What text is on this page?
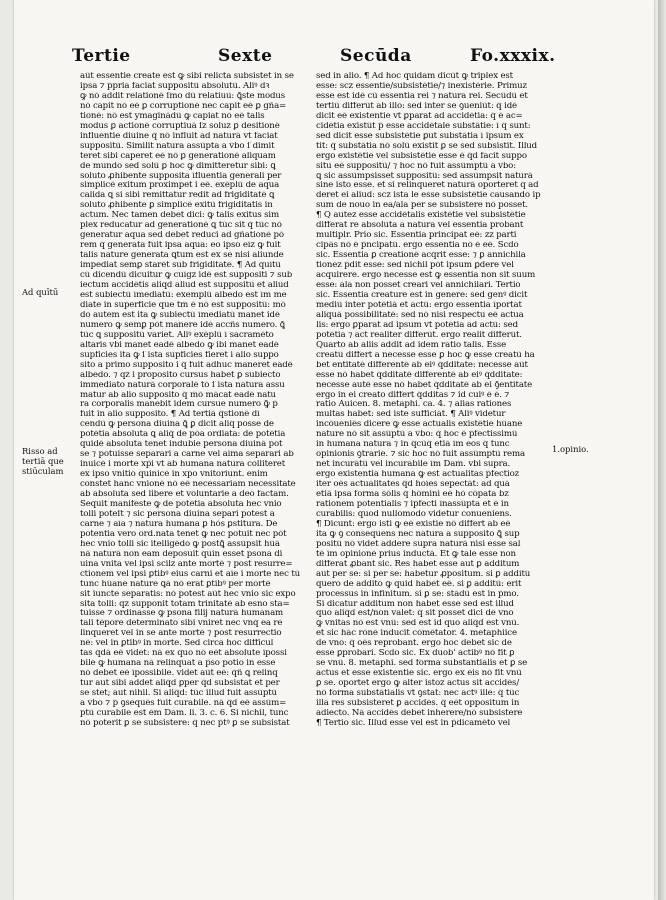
Tertie	Sexte	Secūda	Fo.xxxix.
Ad quītū
Risso ad
tertiā que
stiūculam
1.opinio.
aūt essentie create est ꝙ sibi relicta subsistet in se
ipsa ⁊ p̄pria faciat suppositū absolutū. Aliꝰ dꝛ
ꝙ nō addit relationē ſ́mo dū relatiuū: ꝗ̄ste modus
nō capit nō eē ꝑ corruptionē nec capit eē ꝑ gña=
tionē: nō est ymaginādū ꝙ capiat nō eē talis
modus ꝑ actionē corruptiuā ſ́z soluz ꝑ desitionē
influentie diuine q̄ nō influit ad naturā vt faciat
suppositū. Similit natura assūpta a v̄bo ſ́ dimit
teret sibi caperet eē nō ꝑ generationē aliquam
de mundo sed solū ꝑ hoc ꝙ dimitteretur sibi: ꝗ̄
soluto ꝓhibente supposita īfluentia generali per
simplicē exitum proximpet i eē. exēplū de aqua
calida ꝗ̄ si sibi remittatur redit ad frigiditatē ꝗ̄
soluto ꝓhibente ꝑ simplicē exitū frigiditatis in
actum. Nec tamen debet dici: ꝙ talis exitus sim
plex reducatur ad generationē ꝗ̄ tūc sit q̄ tūc nō
generatur aqua sed debet reduci ad gñationē pō
rem q̄ generata fuit ipsa aqua: eo ipso eīz ꝙ fuit
talis nature generata ꝗ̄tum est ex se nisi aliunde
impediat semꝑ starēt sub frigiditate. ¶ Ad quītū
cū dicendū dicuitur ꝙ cuīgz idē est suppositi ⁊ sub
iectum accidētis aliqd aliud est suppositū et aliud
est subiectū īmediatū: exemplū albedo est īm me
diate in superficie que tm̄ ē nō est suppositū: mō
do autem est ita ꝙ subiectū īmediatū manet idē
numero ꝙ semꝑ pōt manere idē accñs numero. ꝗ̄
tūc ꝗ̄ suppositū variet. Aliꝰ exēplū ī sacramēto
altaris vbi manet eadē albedo ꝙ ibi manet eadē
supficies ita ꝙ ſ́ ista supficies fieret i alio suppo
sito a primo supposito i q̄ fuit adhuc maneret eadē
albedo. ⁊ qz i proposito cursus habet ꝑ subiecto
immediato naturā corporalē tō ſ́ ista natura assu
matur ab alio supposito q̄ m̄ō mācat eadē natu
ra corporalis manebit idem cursue numero ꝙ̄ p̄
fuit in alio supposito. ¶ Ad tertiā q̄stionē dī
cendū ꝙ persona diuina ꝗ̄ ꝑ dicit aliq̄ posse de
potētia absoluta ꝗ̄ aliq̄ de pōa ordiata: de potētia
quidē absoluta tenet indubie persona diuinā pot
se ⁊ potuisse separari a carne vel aīma separari ab
inuicē i morte xp̄i vt ab humana natura colliteret
ex ipso vnitio quinicē in xp̄o vnitoriunt. enim
constet hanc vnionē nō eē necessariam necessitate
ab absoluta sed libere et voluntarie a deo factam.
Sequit manifeste ꝙ de potētia absoluta hec vnio
tolli poteſt ⁊ sic persona diuina separi potest a
carne ⁊ aīa ⁊ natura humana ꝑ hōs ꝑstitura. De
potentia vero ord̄.nata tenet ꝙ nec potuit nec pōt
hec vnio tolli sic itelligēdo ꝙ postꝗ̄ assūpsit hūā
nā naturā non eam deposuit quin esset psona di
uina vnita vel ipsi scilz ante mortē ⁊ post resurre=
ctionem vel ipsi ꝑtibꝰ eius carni et aīe i morte nec tū
tunc hūane nature ꝗ̄ā nō erat ꝑtibꝰ per mortē
sit iuncte separatis: nō potest aūt hec vnio sic expo
sita tolli: qz supponit totam trinitatē ab esno sta=
tuisse ⁊ ordinasse ꝙ psona filij naturā humanam
tali tēpore determinato sibi vniret nec vnq̄ ea re
linqueret vel in se ante mortē ⁊ post resurrectio
nē: vel in ꝑtibꝰ in morte. Sed circa hoc difficul
tas q̄dā eē videt: nā ex quo nō eēt absolute īpossi
bile ꝙ humana nā relinquat a p̄so potio in esse
nō debet eē īpossibile. videt aūt eē: q̄ñ ꝗ̄ relinq
tur aut sibi addet aliq̄d ꝑper q̄d subsistat et per
se stet; aut nihil. Si aliq̄d: tūc illud fuit assūptū
a v̄bo ⁊ p̄ ꝯsequēs fuit curabile. nā q̄d eē assūm=
ptū curabile est ēm Dam̄. li. 3. c. 6. Si nichil, tunc
nō poterit ꝑ se subsistere: q̄ nec p̄tꝰ ꝑ se subsistat
sed in alio. ¶ Ad hoc quidam dicūt ꝙ triplex est
esse: scz essentie/subsistētie/⁊ inexistērie. P̄rimuz
esse est idē cū essentia rei ⁊ natura rei. Secūdū et
tertiū differūt ab illo: sed inter se ꝯueniūt: q̄ idē
dicit eē existentie vt ꝑparat ad accidētia: q̄ ē ac=
cidētia existūt p̄ esse accidētale substātie: ī q̄ sunt:
sed dicit esse subsistētie ꝑut substātia ī ipsum ex
tit: q̄ substātia nō solū existit ꝑ se sed subsistit. Illud
ergo existētie vel subsistētie esse ē q̄d facit suppo
situ eē suppositū/ ⁊ hoc nō fuit assūmptū a v̄bo:
ꝗ̄ sic assūmpsisset suppositū: sed assūmpsit naturā
sine isto esse. et si relinqueret naturā oporteret q̄ ad
deret ei aliud: scz ista le esse subsistētie causando ip
sum de nouo in ea/ala per se subsistere nō posset.
¶ Q̄ autez esse accidētalis existētie vel subsistētie
differat re absoluta a natura vel essentia probant
multiplr. P̄rio sic. Essentia principat eē: zz parti
cipās nō ē p̄ncipatū. ergo essentia nō ē eē. Scd̄o
sic. Essentia ꝑ creationē acq̄rit esse: ⁊ ꝑ annichila
tionez p̄dit esse: sed nichil pōt ipsum ꝑdere vel
acquirere. ergo necesse est ꝙ essentia non sit suum
esse: ala non posset creari vel annichilari. Tertio
sic. Essentia creature est in genere: sed genꝰ dicit
mediū inter potētiā et actū: ergo essentia īportat
aliquā possibilitatē: sed nō nisi respectu eē actua
lis: ergo ꝑparat ad ipsum vt potētia ad actū: sed
potētia ⁊ act̄ realiter differūt. ergo realit differūt.
Q̄uarto ab aliis addit ad idem ratio talis. Esse
creatū differt a necesse esse ꝑ hoc ꝙ esse creatū ha
bet entitatē differentē ab eiꝰ q̄dditate: necesse aūt
esse nō habet q̄dditatē differentē ab eiꝰ q̄dditate:
necesse autē esse nō habet q̄dditatē ab ei ꝯ̄entitate
ergo in ei creato differt q̄dditas ⁊ id cuiꝰ ē ē. ⁊
ratio Auicen. 8. metaphi. ca. 4. ⁊ alias rationes
multas habet: sed iste sufficiāt. ¶ Aliꝰ videtur
incōueniēs dicere ꝙ esse actualis existētie hūane
nature nō sit assūptū a v̄bo: q̄ hoc ē p̄fectissimū
in humana natura ⁊ in q̄cūq̄ etiā īm eos q̄ tunc
opinionis ꝯtrarie. ⁊ sic hoc nō fuit assūmptū rema
net incurātū vel incurabile īm Dam̄. vbi supra.
ergo existentia humana ꝙ est actualitas p̄fectioz
iter oēs actualitates q̄d hoīes sepectāt: ad quā
etiā ipsa forma s̄ōlis q̄ hōmini eē hō cōpata b̄z
rationem potentialis ⁊ ip̄fecti īnassūpta et ē in
curabilis: quod nullomodo videtur conueniens.
¶ Dicunt: ergo isti ꝙ eē existie nō differt ab eē
ita ꝙ ꝯ consequens nec natura a supposito ꝗ̄ sup
positū nō videt addere supra naturā nisi esse sal
tē īm opinionē prius inductā. Et ꝙ tale esse non
differat ꝓbant sic. Res habet esse aut ꝑ additum
aut per se: si per se: habetur ꝓpositum. si ꝑ additū
quero de addito ꝙ quid habet eē. si ꝑ additū: erit
processus in infinitum. si ꝑ se: stādū est in p̄mo.
Si dicatur additum non habet esse sed est illud
quo aliq̄d est/non valet: q̄ sit posset dici de vno
ꝙ vnitas nō est vnū: sed est id quo aliq̄d est vnū.
et sic hāc rōnē inducit cōmētator. 4. metaphiice
de vno: q̄ oēs reprobant. ergo hoc debet sic de
esse ꝑprobari. Scd̄o sic. Ex duob' act̄ibꝰ nō fit ꝑ
se vnū. 8. metaphi. sed forma substantialis et ꝑ se
actus et esse existentie sic. ergo ex eis nō fit vnū
ꝑ se. oportet ergo ꝙ alter istoz actus sit accidēs/
nō forma substātialis vt ꝯstat: nec actꝰ ille: q̄ tūc
illa res subsisteret ꝑ accidēs. q̄ eēt oppositum in
adiecto. Nā accidēs debet inherere/nō subsistere
¶ Tertio sic. Illud esse vel est in p̄dicamēto vel
